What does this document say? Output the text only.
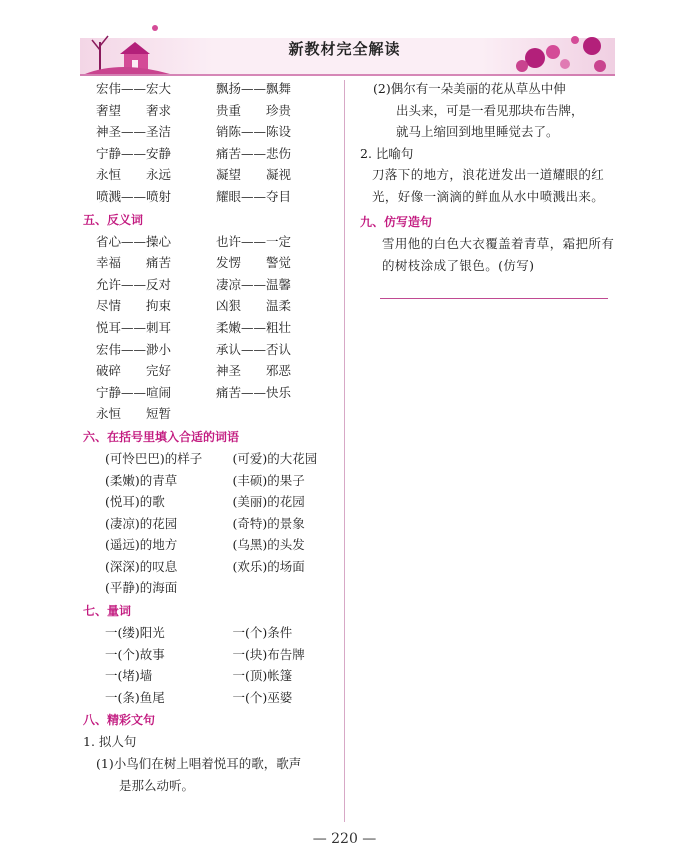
新教材完全解读
宏伟——宏大	飘扬——飘舞
奢望　　奢求	贵重　　珍贵
神圣——圣洁	销陈——陈设
宁静——安静	痛苦——悲伤
永恒　　永远	凝望　　凝视
喷溅——喷射	耀眼——夺目
五、反义词
省心——操心	也许——一定
幸福　　痛苦	发愣　　警觉
允许——反对	凄凉——温馨
尽情　　拘束	凶狠　　温柔
悦耳——刺耳	柔嫩——粗壮
宏伟——渺小	承认——否认
破碎　　完好	神圣　　邪恶
宁静——喧闹	痛苦——快乐
永恒　　短暂
六、在括号里填入合适的词语
(可怜巴巴)的样子	(可爱)的大花园
(柔嫩)的青草	(丰硕)的果子
(悦耳)的歌	(美丽)的花园
(凄凉)的花园	(奇特)的景象
(遥远)的地方	(乌黑)的头发
(深深)的叹息	(欢乐)的场面
(平静)的海面
七、量词
一(缕)阳光	一(个)条件
一(个)故事	一(块)布告牌
一(堵)墙	一(顶)帐篷
一(条)鱼尾	一(个)巫婆
八、精彩文句
1. 拟人句
(1)小鸟们在树上唱着悦耳的歌，歌声
是那么动听。
(2)偶尔有一朵美丽的花从草丛中伸
出头来，可是一看见那块布告牌，
就马上缩回到地里睡觉去了。
2. 比喻句
刀落下的地方，浪花迸发出一道耀眼的红光，好像一滴滴的鲜血从水中喷溅出来。
九、仿写造句
雪用他的白色大衣覆盖着青草，霜把所有的树枝涂成了银色。(仿写)
— 220 —
